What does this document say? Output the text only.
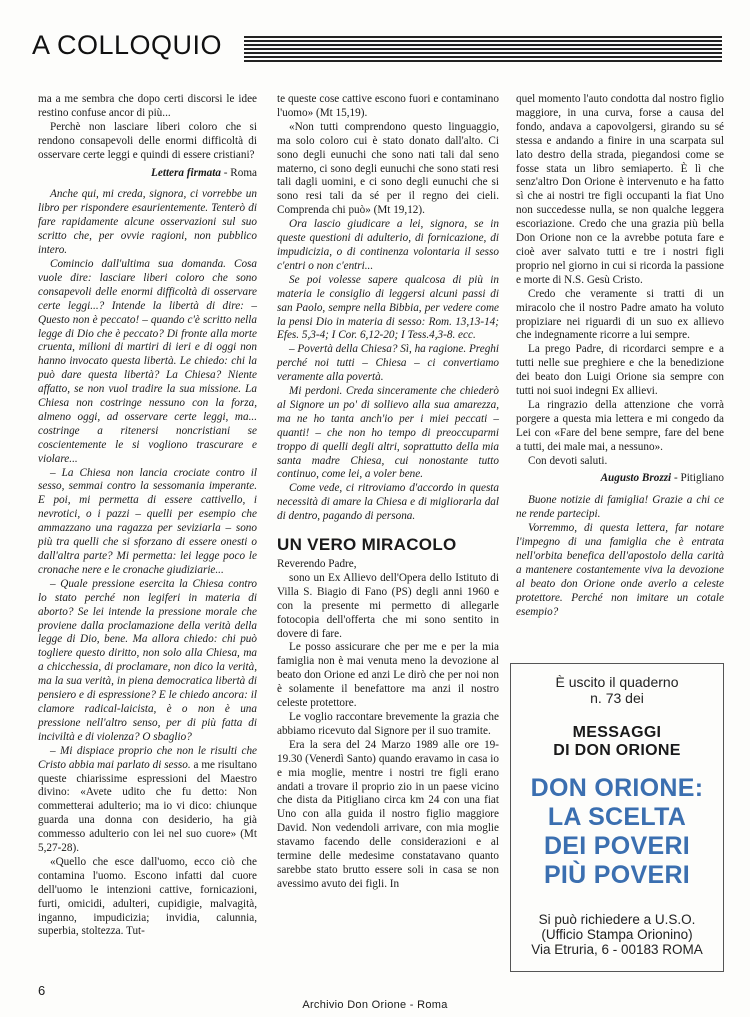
A COLLOQUIO

ma a me sembra che dopo certi discorsi le idee restino confuse ancor di più...

Perchè non lasciare liberi coloro che si rendono consapevoli delle enormi difficoltà di osservare certe leggi e quindi di essere cristiani?

Lettera firmata - Roma

Anche qui, mi creda, signora, ci vorrebbe un libro per rispondere esaurientemente. Tenterò di fare rapidamente alcune osservazioni sul suo scritto che, per ovvie ragioni, non pubblico intero.

Comincio dall'ultima sua domanda. Cosa vuole dire: lasciare liberi coloro che sono consapevoli delle enormi difficoltà di osservare certe leggi...? Intende la libertà di dire: – Questo non è peccato! – quando c'è scritto nella legge di Dio che è peccato? Di fronte alla morte cruenta, milioni di martiri di ieri e di oggi non hanno invocato questa libertà. Le chiedo: chi la può dare questa libertà? La Chiesa? Niente affatto, se non vuol tradire la sua missione. La Chiesa non costringe nessuno con la forza, almeno oggi, ad osservare certe leggi, ma... costringe a ritenersi noncristiani se coscientemente le si vogliono trascurare e violare...

– La Chiesa non lancia crociate contro il sesso, semmai contro la sessomania imperante. E poi, mi permetta di essere cattivello, i nevrotici, o i pazzi – quelli per esempio che ammazzano una ragazza per seviziarla – sono più tra quelli che si sforzano di essere onesti o dall'altra parte? Mi permetta: lei legge poco le cronache nere e le cronache giudiziarie...

– Quale pressione esercita la Chiesa contro lo stato perché non legiferi in materia di aborto? Se lei intende la pressione morale che proviene dalla proclamazione della verità della legge di Dio, bene. Ma allora chiedo: chi può togliere questo diritto, non solo alla Chiesa, ma a chicchessia, di proclamare, non dico la verità, ma la sua verità, in piena democratica libertà di pensiero e di espressione? E le chiedo ancora: il clamore radical-laicista, è o non è una pressione nell'altro senso, per di più fatta di inciviltà e di violenza? O sbaglio?

– Mi dispiace proprio che non le risulti che Cristo abbia mai parlato di sesso. a me risultano queste chiarissime espressioni del Maestro divino: «Avete udito che fu detto: Non commetterai adulterio; ma io vi dico: chiunque guarda una donna con desiderio, ha già commesso adulterio con lei nel suo cuore» (Mt 5,27-28).

«Quello che esce dall'uomo, ecco ciò che contamina l'uomo. Escono infatti dal cuore dell'uomo le intenzioni cattive, fornicazioni, furti, omicidi, adulteri, cupidigie, malvagità, inganno, impudicizia; invidia, calunnia, superbia, stoltezza. Tut-

te queste cose cattive escono fuori e contaminano l'uomo» (Mt 15,19).

«Non tutti comprendono questo linguaggio, ma solo coloro cui è stato donato dall'alto. Ci sono degli eunuchi che sono nati tali dal seno materno, ci sono degli eunuchi che sono stati resi tali dagli uomini, e ci sono degli eunuchi che si sono resi tali da sé per il regno dei cieli. Comprenda chi può» (Mt 19,12).

Ora lascio giudicare a lei, signora, se in queste questioni di adulterio, di fornicazione, di impudicizia, o di continenza volontaria il sesso c'entri o non c'entri...

Se poi volesse sapere qualcosa di più in materia le consiglio di leggersi alcuni passi di san Paolo, sempre nella Bibbia, per vedere come la pensi Dio in materia di sesso: Rom. 13,13-14; Efes. 5,3-4; I Cor. 6,12-20; I Tess.4,3-8. ecc.

– Povertà della Chiesa? Sì, ha ragione. Preghi perché noi tutti – Chiesa – ci convertiamo veramente alla povertà.

Mi perdoni. Creda sinceramente che chiederò al Signore un po' di sollievo alla sua amarezza, ma ne ho tanta anch'io per i miei peccati – quanti! – che non ho tempo di preoccuparmi troppo di quelli degli altri, soprattutto della mia santa madre Chiesa, cui nonostante tutto continuo, come lei, a voler bene.

Come vede, ci ritroviamo d'accordo in questa necessità di amare la Chiesa e di migliorarla dal di dentro, pagando di persona.

UN VERO MIRACOLO

Reverendo Padre,

sono un Ex Allievo dell'Opera dello Istituto di Villa S. Biagio di Fano (PS) degli anni 1960 e con la presente mi permetto di allegarle fotocopia dell'offerta che mi sono sentito in dovere di fare.

Le posso assicurare che per me e per la mia famiglia non è mai venuta meno la devozione al beato don Orione ed anzi Le dirò che per noi non è solamente il benefattore ma anzi il nostro celeste protettore.

Le voglio raccontare brevemente la grazia che abbiamo ricevuto dal Signore per il suo tramite.

Era la sera del 24 Marzo 1989 alle ore 19-19.30 (Venerdì Santo) quando eravamo in casa io e mia moglie, mentre i nostri tre figli erano andati a trovare il proprio zio in un paese vicino che dista da Pitigliano circa km 24 con una fiat Uno con alla guida il nostro figlio maggiore David. Non vedendoli arrivare, con mia moglie stavamo facendo delle considerazioni e al termine delle medesime constatavano quanto sarebbe stato brutto essere soli in casa se non avessimo avuto dei figli. In

quel momento l'auto condotta dal nostro figlio maggiore, in una curva, forse a causa del fondo, andava a capovolgersi, girando su sé stessa e andando a finire in una scarpata sul lato destro della strada, piegandosi come se fosse stata un libro semiaperto. È lì che senz'altro Don Orione è intervenuto e ha fatto sì che ai nostri tre figli occupanti la fiat Uno non succedesse nulla, se non qualche leggera escoriazione. Credo che una grazia più bella Don Orione non ce la avrebbe potuta fare e cioè aver salvato tutti e tre i nostri figli proprio nel giorno in cui si ricorda la passione e morte di N.S. Gesù Cristo.

Credo che veramente si tratti di un miracolo che il nostro Padre amato ha voluto propiziare nei riguardi di un suo ex allievo che indegnamente ricorre a lui sempre.

La prego Padre, di ricordarci sempre e a tutti nelle sue preghiere e che la benedizione dei beato don Luigi Orione sia sempre con tutti noi suoi indegni Ex allievi.

La ringrazio della attenzione che vorrà porgere a questa mia lettera e mi congedo da Lei con «Fare del bene sempre, fare del bene a tutti, dei male mai, a nessuno».

Con devoti saluti.

Augusto Brozzi - Pitigliano

Buone notizie di famiglia! Grazie a chi ce ne rende partecipi.

Vorremmo, di questa lettera, far notare l'impegno di una famiglia che è entrata nell'orbita benefica dell'apostolo della carità a mantenere costantemente viva la devozione al beato don Orione onde averlo a celeste protettore. Perché non imitare un cotale esempio?

È uscito il quaderno
n. 73 dei
MESSAGGI
DI DON ORIONE
DON ORIONE:
LA SCELTA
DEI POVERI
PIÙ POVERI
Si può richiedere a U.S.O.
(Ufficio Stampa Orionino)
Via Etruria, 6 - 00183 ROMA
6
Archivio Don Orione - Roma
